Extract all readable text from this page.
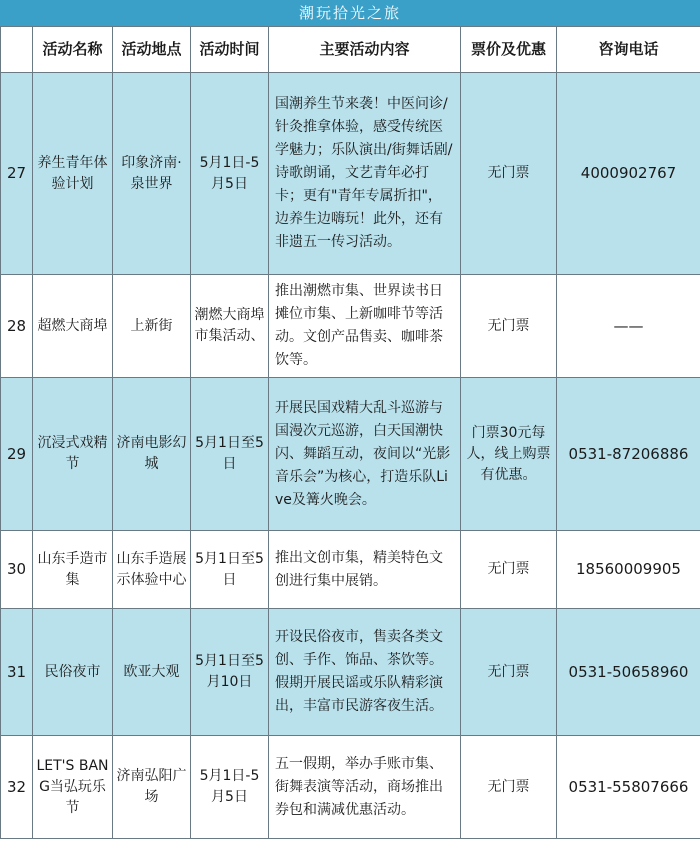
潮玩拾光之旅
	活动名称	活动地点	活动时间	主要活动内容	票价及优惠	咨询电话
27	养生青年体验计划	印象济南·泉世界	5月1日-5月5日	国潮养生节来袭！中医问诊/针灸推拿体验，感受传统医学魅力；乐队演出/街舞话剧/诗歌朗诵，文艺青年必打卡；更有"青年专属折扣"，边养生边嗨玩！此外，还有非遗五一传习活动。	无门票	4000902767
28	超燃大商埠	上新街	潮燃大商埠市集活动、	推出潮燃市集、世界读书日摊位市集、上新咖啡节等活动。文创产品售卖、咖啡茶饮等。	无门票	——
29	沉浸式戏精节	济南电影幻城	5月1日至5日	开展民国戏精大乱斗巡游与国漫次元巡游，白天国潮快闪、舞蹈互动，夜间以“光影音乐会”为核心，打造乐队Live及篝火晚会。	门票30元每人，线上购票有优惠。	0531-87206886
30	山东手造市集	山东手造展示体验中心	5月1日至5日	推出文创市集，精美特色文创进行集中展销。	无门票	18560009905
31	民俗夜市	欧亚大观	5月1日至5月10日	开设民俗夜市，售卖各类文创、手作、饰品、茶饮等。假期开展民谣或乐队精彩演出，丰富市民游客夜生活。	无门票	0531-50658960
32	LET'S BANG当弘玩乐节	济南弘阳广场	5月1日-5月5日	五一假期，举办手账市集、街舞表演等活动，商场推出券包和满减优惠活动。	无门票	0531-55807666
